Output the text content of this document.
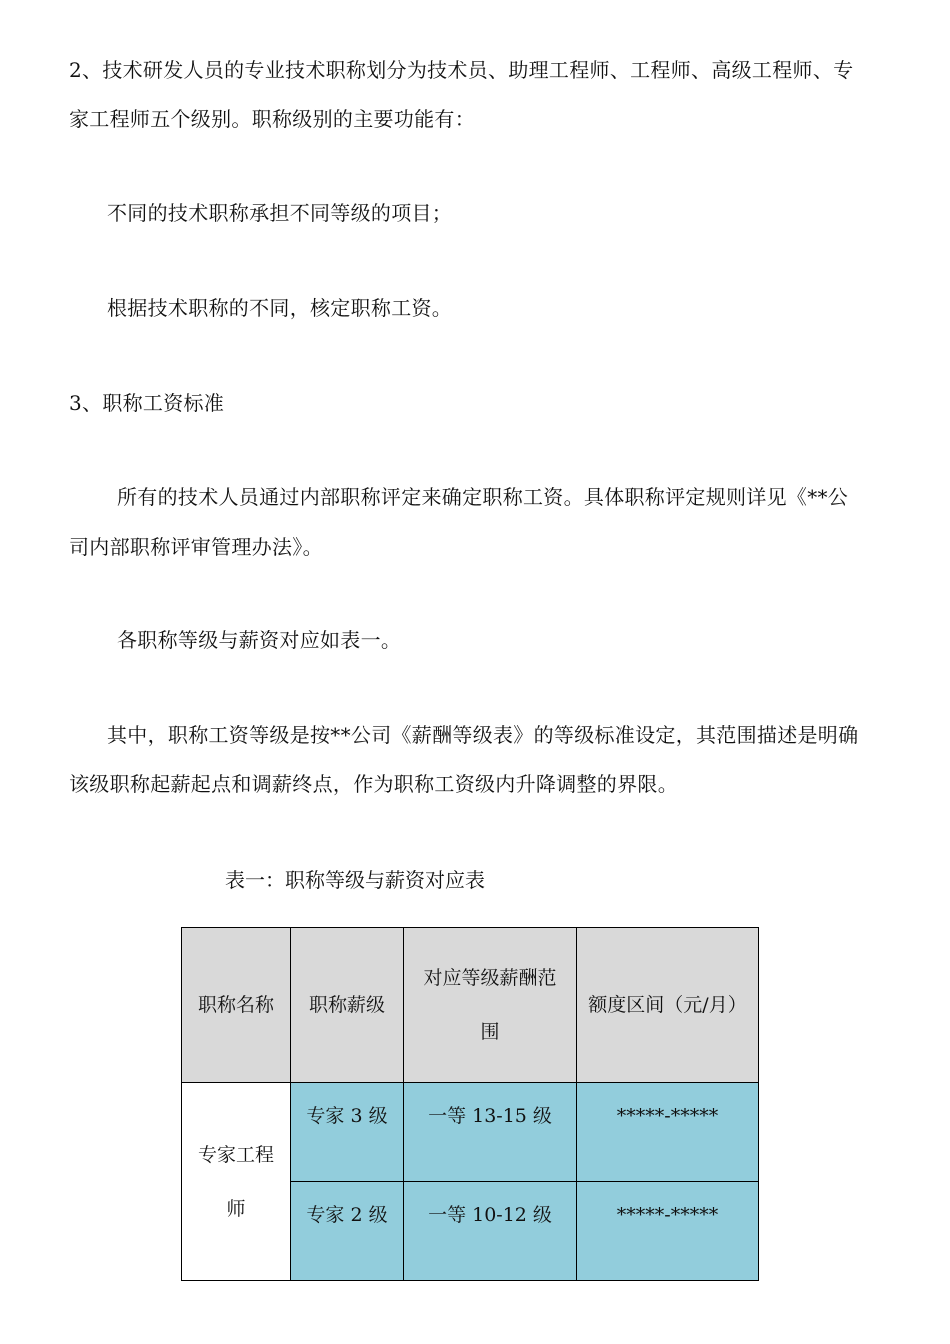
2、技术研发人员的专业技术职称划分为技术员、助理工程师、工程师、高级工程师、专
家工程师五个级别。职称级别的主要功能有：
不同的技术职称承担不同等级的项目；
根据技术职称的不同，核定职称工资。
3、职称工资标准
所有的技术人员通过内部职称评定来确定职称工资。具体职称评定规则详见《**公
司内部职称评审管理办法》。
各职称等级与薪资对应如表一。
其中，职称工资等级是按**公司《薪酬等级表》的等级标准设定，其范围描述是明确
该级职称起薪起点和调薪终点，作为职称工资级内升降调整的界限。
表一：职称等级与薪资对应表
职称名称	职称薪级	对应等级薪酬范围	额度区间（元/月）
专家工程师	专家 3 级	一等 13-15 级	*****-*****
	专家 2 级	一等 10-12 级	*****-*****
